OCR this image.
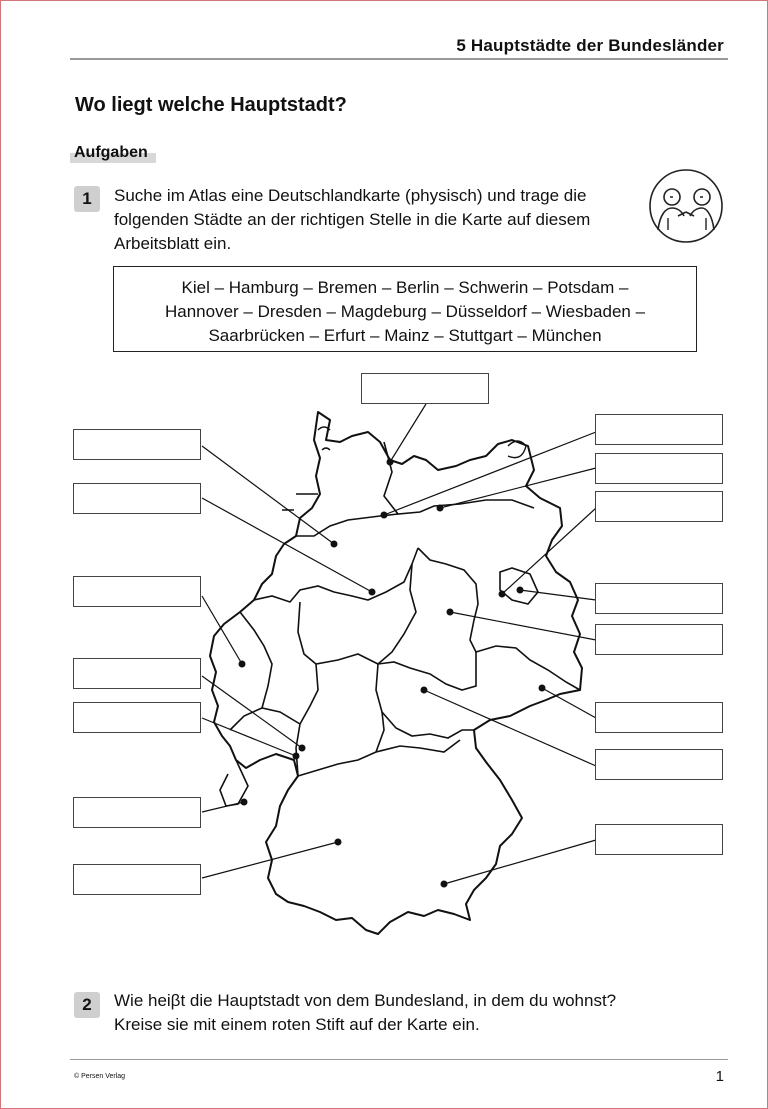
5 Hauptstädte der Bundesländer
Wo liegt welche Hauptstadt?
Aufgaben
1	Suche im Atlas eine Deutschlandkarte (physisch) und trage die
folgenden Städte an der richtigen Stelle in die Karte auf diesem
Arbeitsblatt ein.
Kiel – Hamburg – Bremen – Berlin – Schwerin – Potsdam –
Hannover – Dresden – Magdeburg – Düsseldorf – Wiesbaden –
Saarbrücken – Erfurt – Mainz – Stuttgart – München
2	Wie heiβt die Hauptstadt von dem Bundesland, in dem du wohnst?
Kreise sie mit einem roten Stift auf der Karte ein.
© Persen Verlag	1
